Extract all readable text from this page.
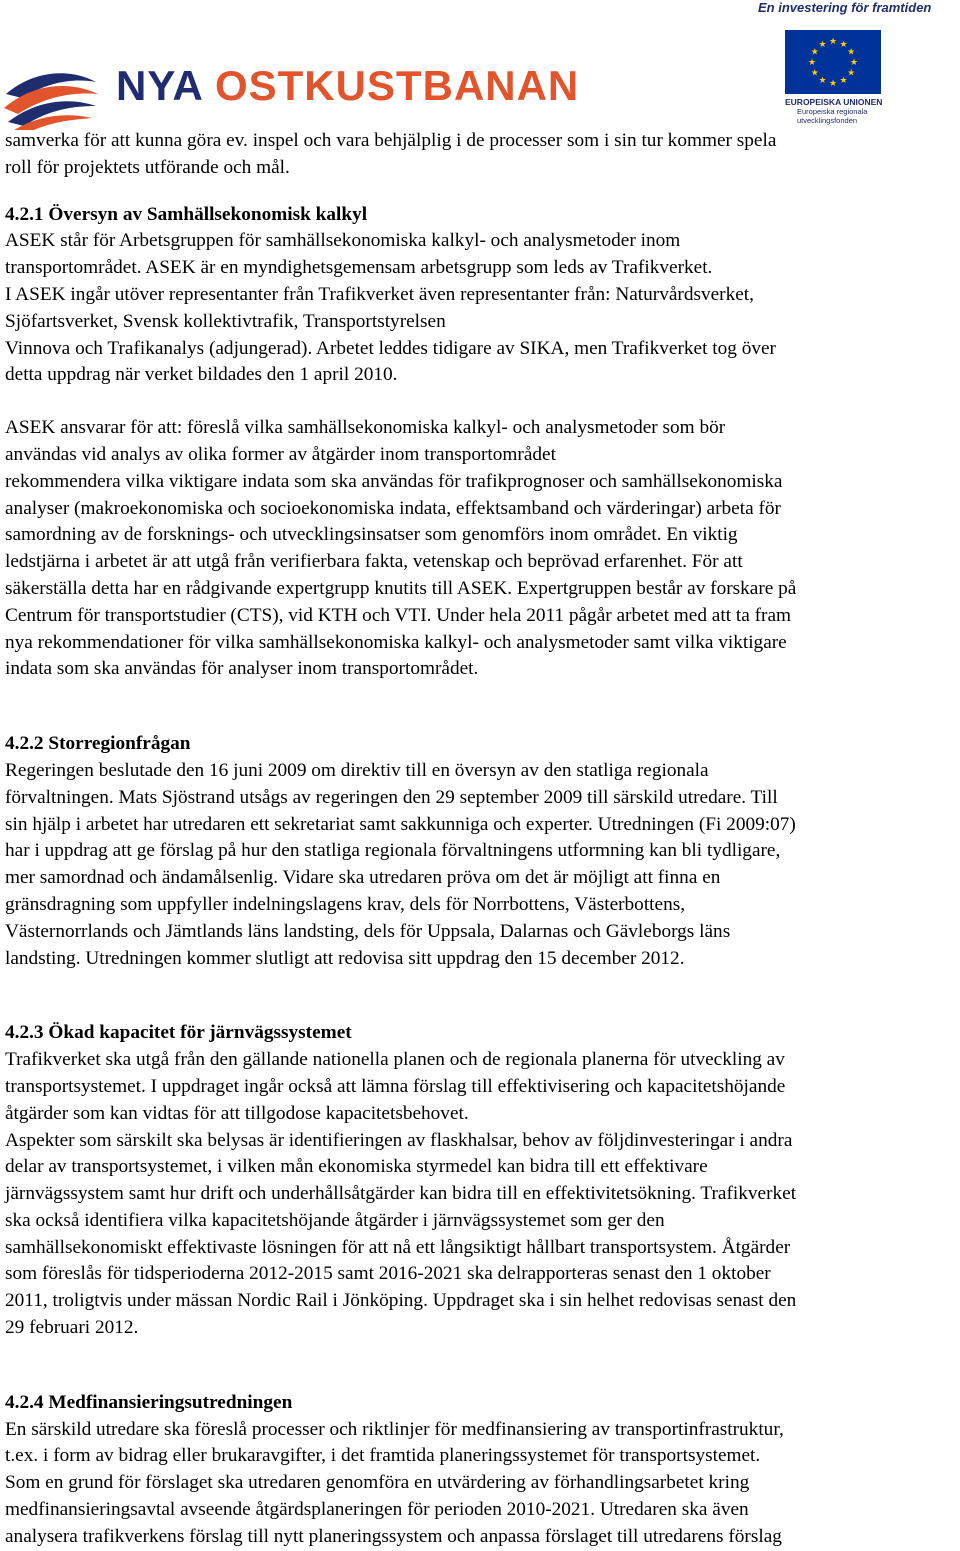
NYA OSTKUSTBANAN
En investering för framtiden
★ ★
★
★
★
★
★
★
★
★
★
★
EUROPEISKA UNIONEN
Europeiska regionala
utvecklingsfonden
samverka för att kunna göra ev. inspel och vara behjälplig i de processer som i sin tur kommer spela
roll för projektets utförande och mål.
4.2.1 Översyn av Samhällsekonomisk kalkyl
ASEK står för Arbetsgruppen för samhällsekonomiska kalkyl- och analysmetoder inom
transportområdet. ASEK är en myndighetsgemensam arbetsgrupp som leds av Trafikverket.
I ASEK ingår utöver representanter från Trafikverket även representanter från: Naturvårdsverket,
Sjöfartsverket, Svensk kollektivtrafik, Transportstyrelsen
Vinnova och Trafikanalys (adjungerad). Arbetet leddes tidigare av SIKA, men Trafikverket tog över
detta uppdrag när verket bildades den 1 april 2010.
ASEK ansvarar för att: föreslå vilka samhällsekonomiska kalkyl- och analysmetoder som bör
användas vid analys av olika former av åtgärder inom transportområdet
rekommendera vilka viktigare indata som ska användas för trafikprognoser och samhällsekonomiska
analyser (makroekonomiska och socioekonomiska indata, effektsamband och värderingar) arbeta för
samordning av de forsknings- och utvecklingsinsatser som genomförs inom området. En viktig
ledstjärna i arbetet är att utgå från verifierbara fakta, vetenskap och beprövad erfarenhet. För att
säkerställa detta har en rådgivande expertgrupp knutits till ASEK. Expertgruppen består av forskare på
Centrum för transportstudier (CTS), vid KTH och VTI. Under hela 2011 pågår arbetet med att ta fram
nya rekommendationer för vilka samhällsekonomiska kalkyl- och analysmetoder samt vilka viktigare
indata som ska användas för analyser inom transportområdet.
4.2.2 Storregionfrågan
Regeringen beslutade den 16 juni 2009 om direktiv till en översyn av den statliga regionala
förvaltningen. Mats Sjöstrand utsågs av regeringen den 29 september 2009 till särskild utredare. Till
sin hjälp i arbetet har utredaren ett sekretariat samt sakkunniga och experter. Utredningen (Fi 2009:07)
har i uppdrag att ge förslag på hur den statliga regionala förvaltningens utformning kan bli tydligare,
mer samordnad och ändamålsenlig. Vidare ska utredaren pröva om det är möjligt att finna en
gränsdragning som uppfyller indelningslagens krav, dels för Norrbottens, Västerbottens,
Västernorrlands och Jämtlands läns landsting, dels för Uppsala, Dalarnas och Gävleborgs läns
landsting. Utredningen kommer slutligt att redovisa sitt uppdrag den 15 december 2012.
4.2.3 Ökad kapacitet för järnvägssystemet
Trafikverket ska utgå från den gällande nationella planen och de regionala planerna för utveckling av
transportsystemet. I uppdraget ingår också att lämna förslag till effektivisering och kapacitetshöjande
åtgärder som kan vidtas för att tillgodose kapacitetsbehovet.
Aspekter som särskilt ska belysas är identifieringen av flaskhalsar, behov av följdinvesteringar i andra
delar av transportsystemet, i vilken mån ekonomiska styrmedel kan bidra till ett effektivare
järnvägssystem samt hur drift och underhållsåtgärder kan bidra till en effektivitetsökning. Trafikverket
ska också identifiera vilka kapacitetshöjande åtgärder i järnvägssystemet som ger den
samhällsekonomiskt effektivaste lösningen för att nå ett långsiktigt hållbart transportsystem. Åtgärder
som föreslås för tidsperioderna 2012-2015 samt 2016-2021 ska delrapporteras senast den 1 oktober
2011, troligtvis under mässan Nordic Rail i Jönköping. Uppdraget ska i sin helhet redovisas senast den
29 februari 2012.
4.2.4 Medfinansieringsutredningen
En särskild utredare ska föreslå processer och riktlinjer för medfinansiering av transportinfrastruktur,
t.ex. i form av bidrag eller brukaravgifter, i det framtida planeringssystemet för transportsystemet.
Som en grund för förslaget ska utredaren genomföra en utvärdering av förhandlingsarbetet kring
medfinansieringsavtal avseende åtgärdsplaneringen för perioden 2010-2021. Utredaren ska även
analysera trafikverkens förslag till nytt planeringssystem och anpassa förslaget till utredarens förslag
